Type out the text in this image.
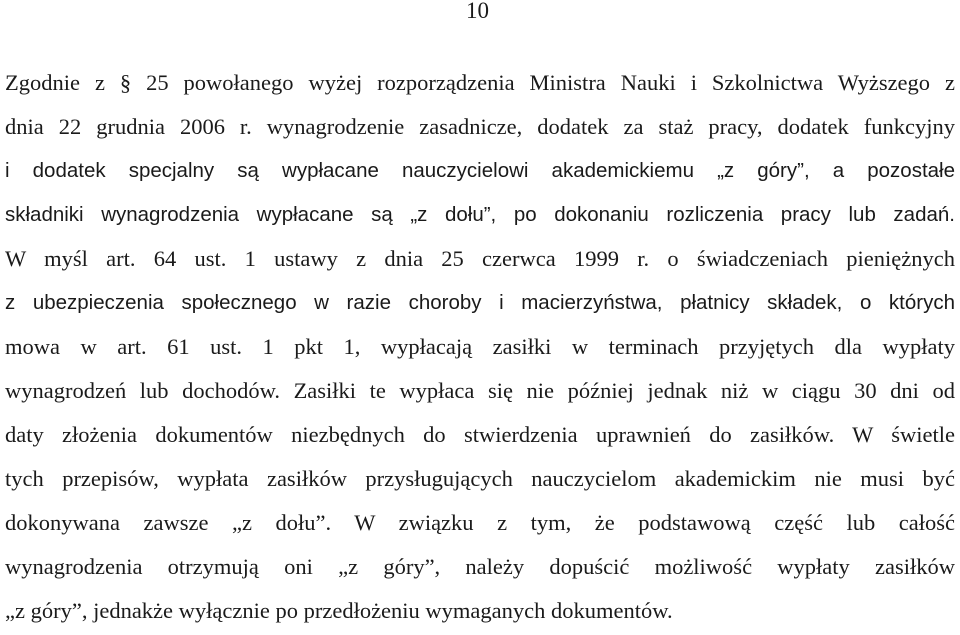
10
Zgodnie z § 25 powołanego wyżej rozporządzenia Ministra Nauki i Szkolnictwa Wyższego z
dnia 22 grudnia 2006 r. wynagrodzenie zasadnicze, dodatek za staż pracy, dodatek funkcyjny
i dodatek specjalny są wypłacane nauczycielowi akademickiemu „z góry”, a pozostałe
składniki wynagrodzenia wypłacane są „z dołu”, po dokonaniu rozliczenia pracy lub zadań.
W myśl art. 64 ust. 1 ustawy z dnia 25 czerwca 1999 r. o świadczeniach pieniężnych
z ubezpieczenia społecznego w razie choroby i macierzyństwa, płatnicy składek, o których
mowa w art. 61 ust. 1 pkt 1, wypłacają zasiłki w terminach przyjętych dla wypłaty
wynagrodzeń lub dochodów. Zasiłki te wypłaca się nie później jednak niż w ciągu 30 dni od
daty złożenia dokumentów niezbędnych do stwierdzenia uprawnień do zasiłków. W świetle
tych przepisów, wypłata zasiłków przysługujących nauczycielom akademickim nie musi być
dokonywana zawsze „z dołu”. W związku z tym, że podstawową część lub całość
wynagrodzenia otrzymują oni „z góry”, należy dopuścić możliwość wypłaty zasiłków
„z góry”, jednakże wyłącznie po przedłożeniu wymaganych dokumentów.
